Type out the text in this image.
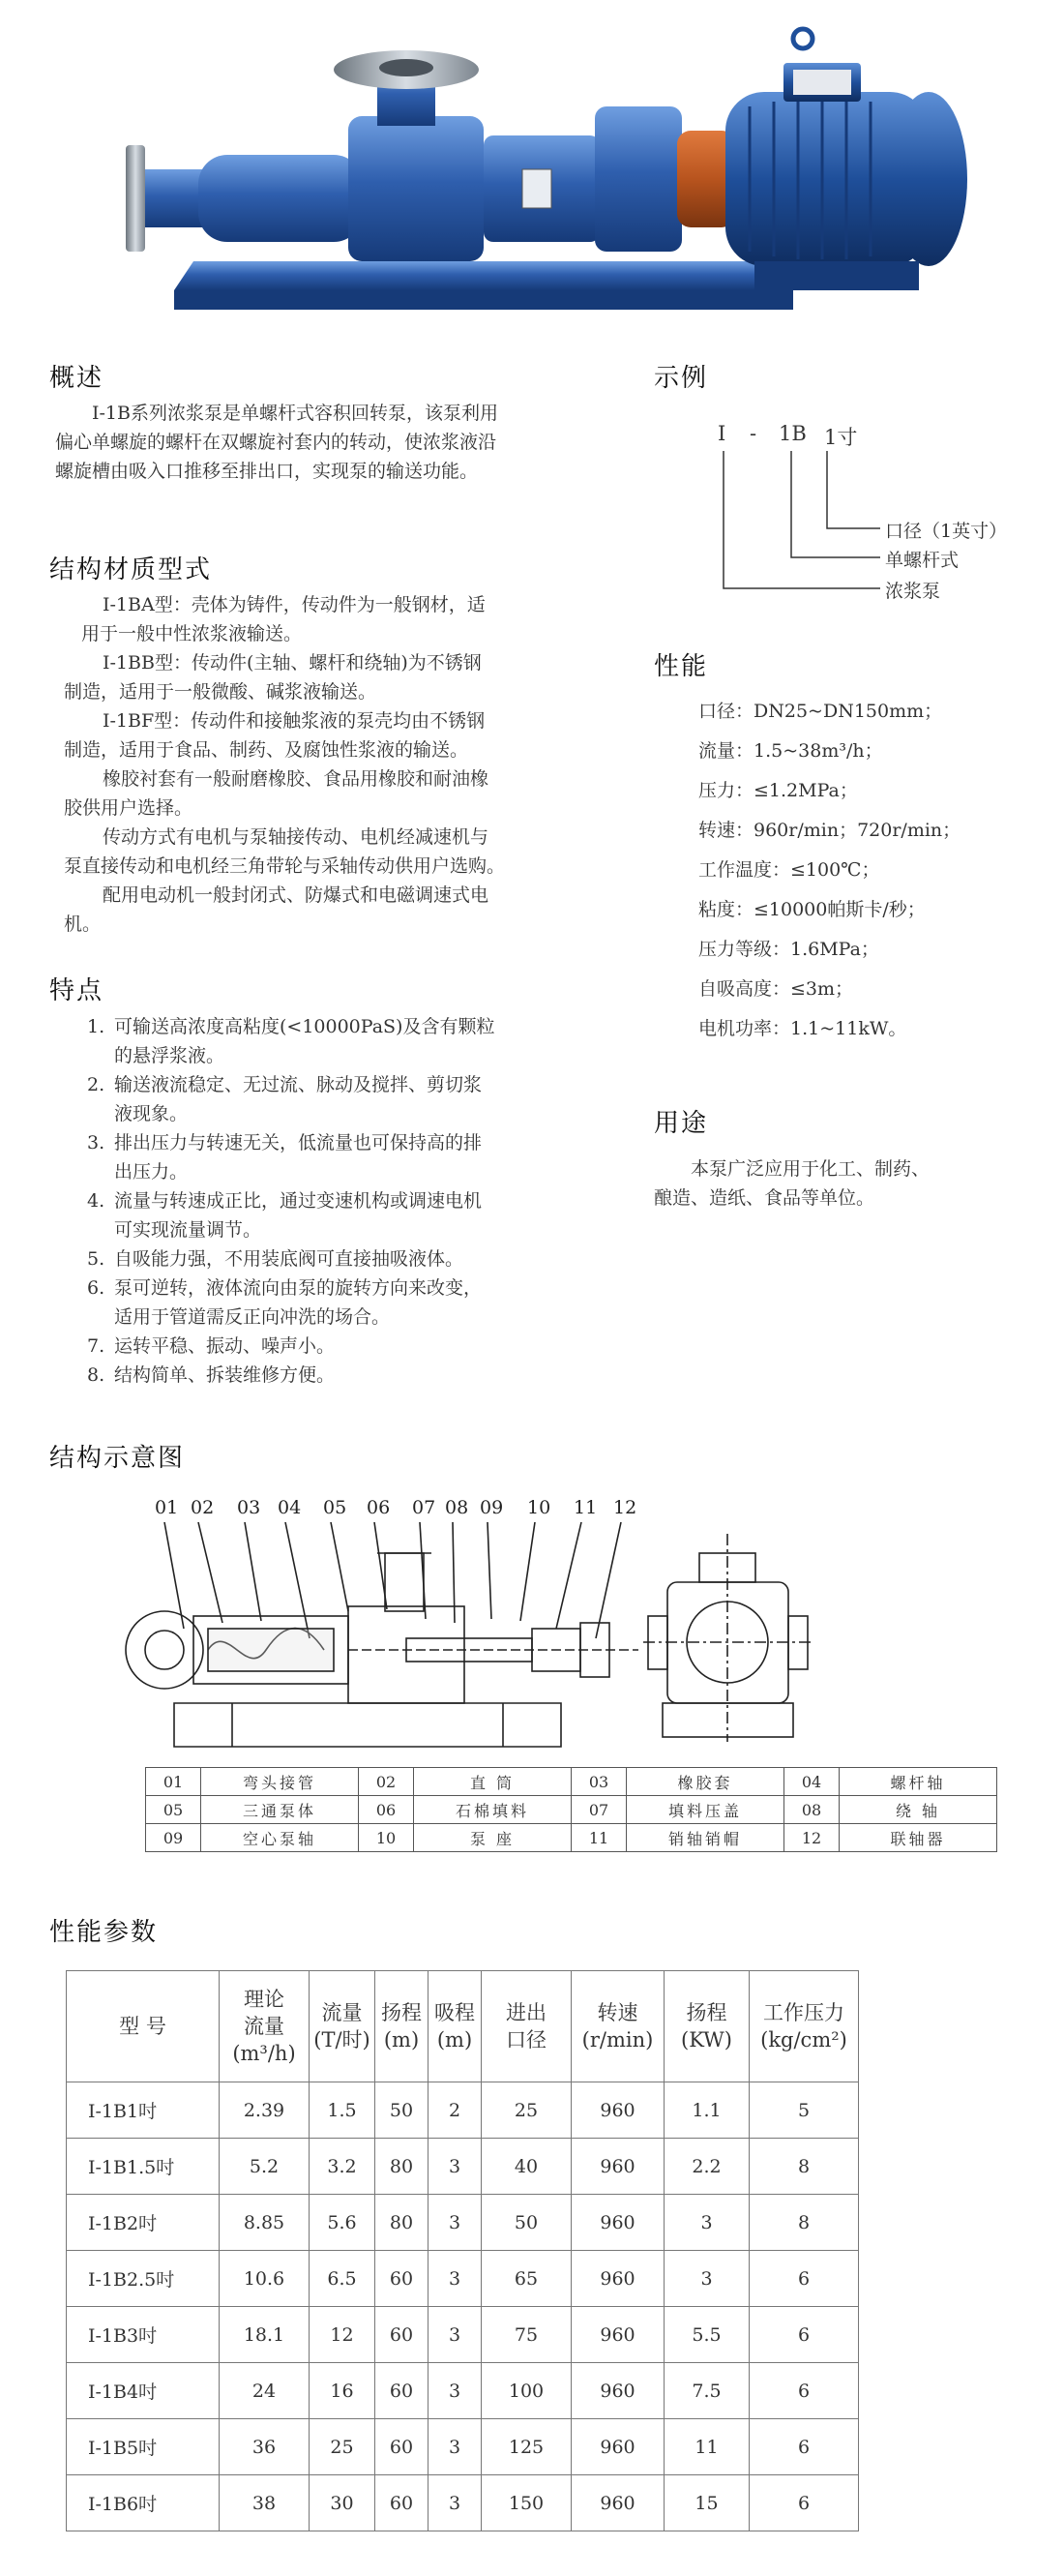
概述
I-1B系列浓浆泵是单螺杆式容积回转泵，该泵利用
偏心单螺旋的螺杆在双螺旋衬套内的转动，使浓浆液沿
螺旋槽由吸入口推移至排出口，实现泵的输送功能。
结构材质型式
I-1BA型：壳体为铸件，传动件为一般钢材，适
用于一般中性浓浆液输送。
I-1BB型：传动件(主轴、螺杆和绕轴)为不锈钢
制造，适用于一般微酸、碱浆液输送。
I-1BF型：传动件和接触浆液的泵壳均由不锈钢
制造，适用于食品、制药、及腐蚀性浆液的输送。
橡胶衬套有一般耐磨橡胶、食品用橡胶和耐油橡
胶供用户选择。
传动方式有电机与泵轴接传动、电机经减速机与
泵直接传动和电机经三角带轮与采轴传动供用户选购。
配用电动机一般封闭式、防爆式和电磁调速式电
机。
特点
1. 可输送高浓度高粘度(<10000PaS)及含有颗粒
的悬浮浆液。
2. 输送液流稳定、无过流、脉动及搅拌、剪切浆
液现象。
3. 排出压力与转速无关，低流量也可保持高的排
出压力。
4. 流量与转速成正比，通过变速机构或调速电机
可实现流量调节。
5. 自吸能力强，不用装底阀可直接抽吸液体。
6. 泵可逆转，液体流向由泵的旋转方向来改变，
适用于管道需反正向冲洗的场合。
7. 运转平稳、振动、噪声小。
8. 结构简单、拆装维修方便。
示例
I - 1B 1寸
口径（1英寸）
单螺杆式
浓浆泵
性能
口径：DN25~DN150mm；
流量：1.5~38m³/h；
压力：≤1.2MPa；
转速：960r/min；720r/min；
工作温度：≤100℃；
粘度：≤10000帕斯卡/秒；
压力等级：1.6MPa；
自吸高度：≤3m；
电机功率：1.1~11kW。
用途
本泵广泛应用于化工、制药、
酿造、造纸、食品等单位。
结构示意图
01 02 03 04 05 06 07 08 09 10 11 12
01	弯头接管	02	直 筒	03	橡胶套	04	螺杆轴
05	三通泵体	06	石棉填料	07	填料压盖	08	绕 轴
09	空心泵轴	10	泵 座	11	销轴销帽	12	联轴器
性能参数
型 号	理论
流量
(m³/h)	流量
(T/时)	扬程
(m)	吸程
(m)	进出
口径	转速
(r/min)	扬程
(KW)	工作压力
(kg/cm²)
I-1B1吋	2.39	1.5	50	2	25	960	1.1	5
I-1B1.5吋	5.2	3.2	80	3	40	960	2.2	8
I-1B2吋	8.85	5.6	80	3	50	960	3	8
I-1B2.5吋	10.6	6.5	60	3	65	960	3	6
I-1B3吋	18.1	12	60	3	75	960	5.5	6
I-1B4吋	24	16	60	3	100	960	7.5	6
I-1B5吋	36	25	60	3	125	960	11	6
I-1B6吋	38	30	60	3	150	960	15	6
